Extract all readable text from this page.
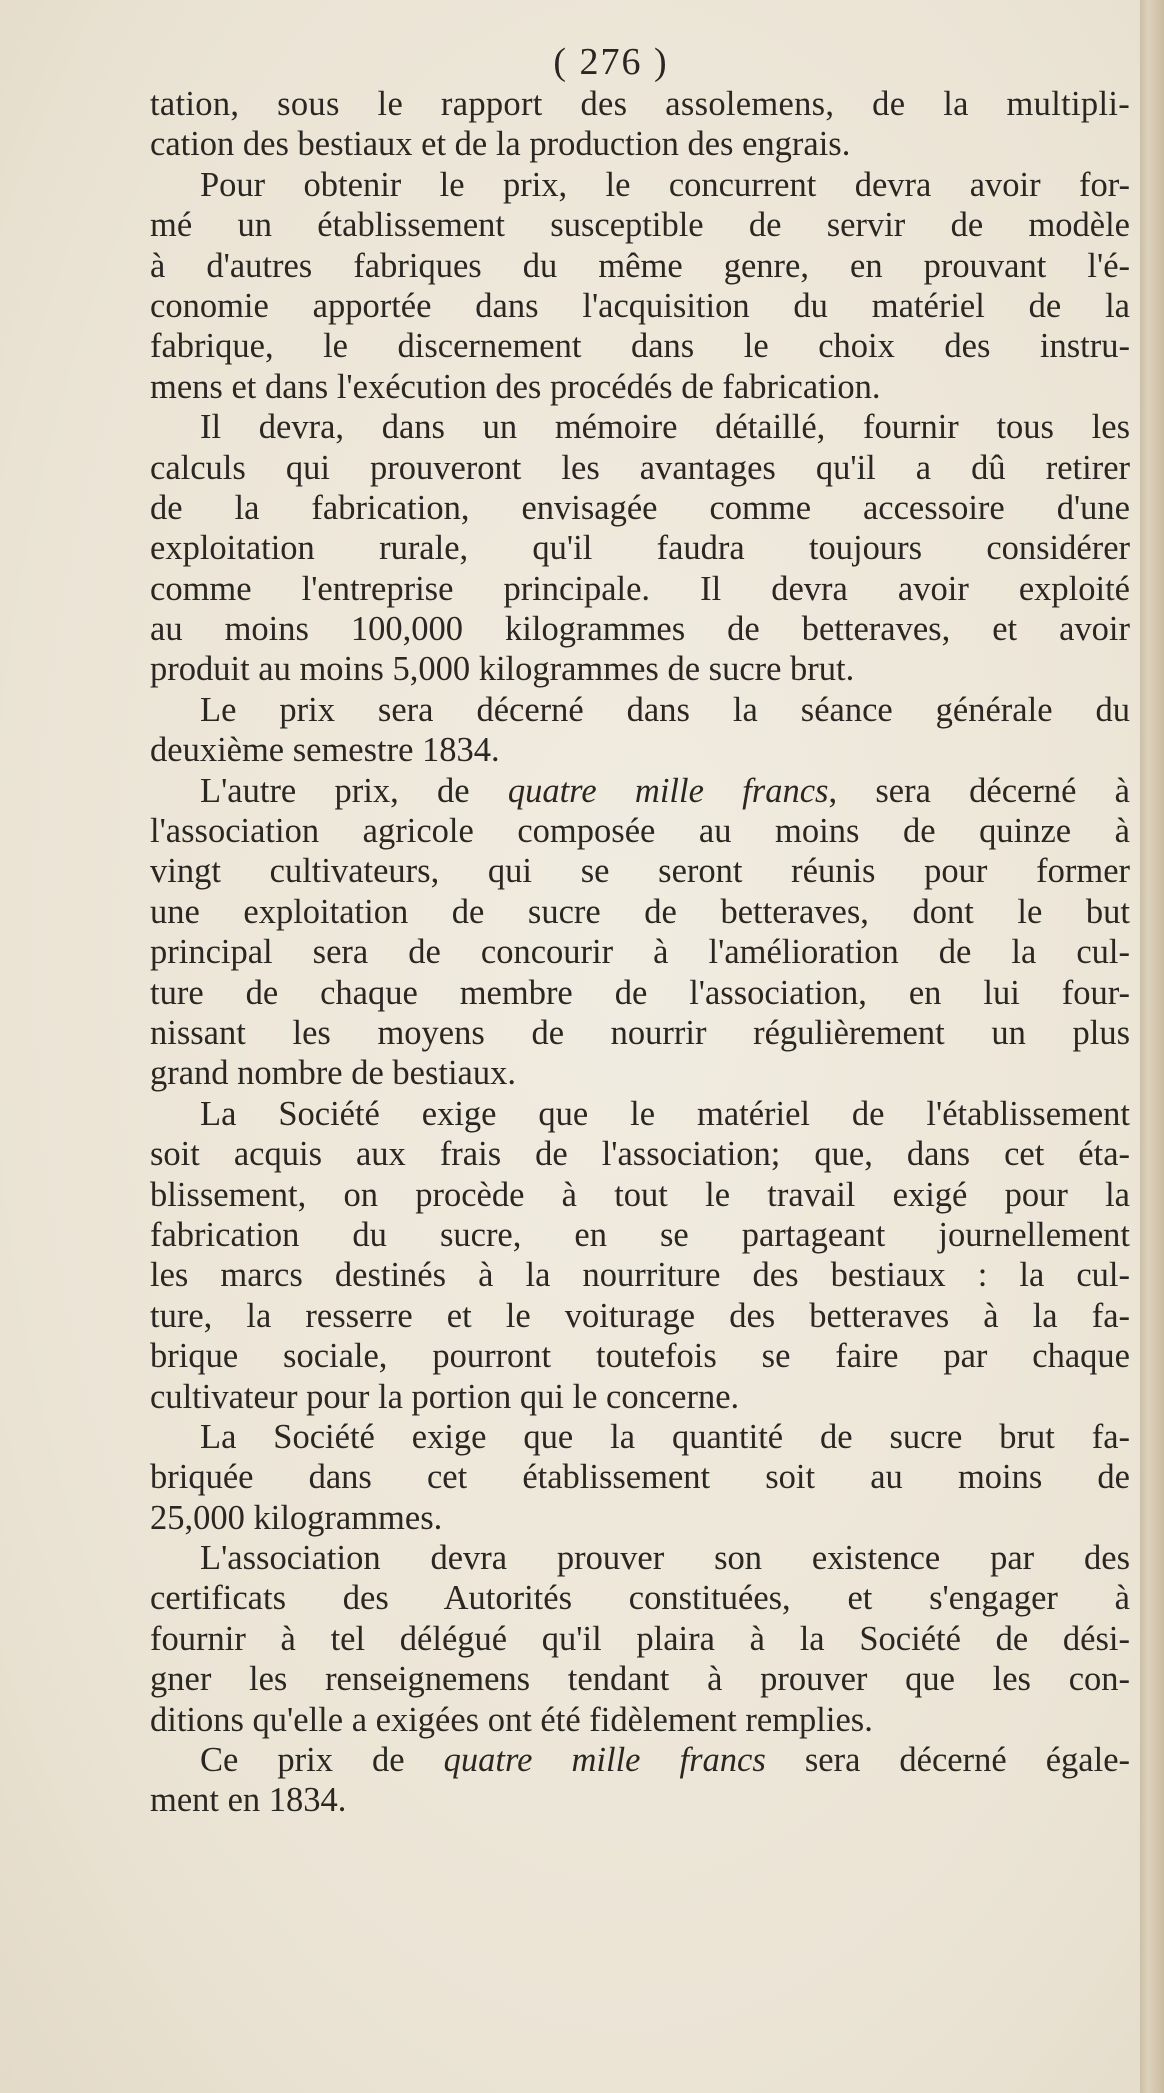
( 276 )
tation, sous le rapport des assolemens, de la multipli-
cation des bestiaux et de la production des engrais.
Pour obtenir le prix, le concurrent devra avoir for-
mé un établissement susceptible de servir de modèle
à d'autres fabriques du même genre, en prouvant l'é-
conomie apportée dans l'acquisition du matériel de la
fabrique, le discernement dans le choix des instru-
mens et dans l'exécution des procédés de fabrication.
Il devra, dans un mémoire détaillé, fournir tous les
calculs qui prouveront les avantages qu'il a dû retirer
de la fabrication, envisagée comme accessoire d'une
exploitation rurale, qu'il faudra toujours considérer
comme l'entreprise principale. Il devra avoir exploité
au moins 100,000 kilogrammes de betteraves, et avoir
produit au moins 5,000 kilogrammes de sucre brut.
Le prix sera décerné dans la séance générale du
deuxième semestre 1834.
L'autre prix, de quatre mille francs, sera décerné à
l'association agricole composée au moins de quinze à
vingt cultivateurs, qui se seront réunis pour former
une exploitation de sucre de betteraves, dont le but
principal sera de concourir à l'amélioration de la cul-
ture de chaque membre de l'association, en lui four-
nissant les moyens de nourrir régulièrement un plus
grand nombre de bestiaux.
La Société exige que le matériel de l'établissement
soit acquis aux frais de l'association; que, dans cet éta-
blissement, on procède à tout le travail exigé pour la
fabrication du sucre, en se partageant journellement
les marcs destinés à la nourriture des bestiaux : la cul-
ture, la resserre et le voiturage des betteraves à la fa-
brique sociale, pourront toutefois se faire par chaque
cultivateur pour la portion qui le concerne.
La Société exige que la quantité de sucre brut fa-
briquée dans cet établissement soit au moins de
25,000 kilogrammes.
L'association devra prouver son existence par des
certificats des Autorités constituées, et s'engager à
fournir à tel délégué qu'il plaira à la Société de dési-
gner les renseignemens tendant à prouver que les con-
ditions qu'elle a exigées ont été fidèlement remplies.
Ce prix de quatre mille francs sera décerné égale-
ment en 1834.
